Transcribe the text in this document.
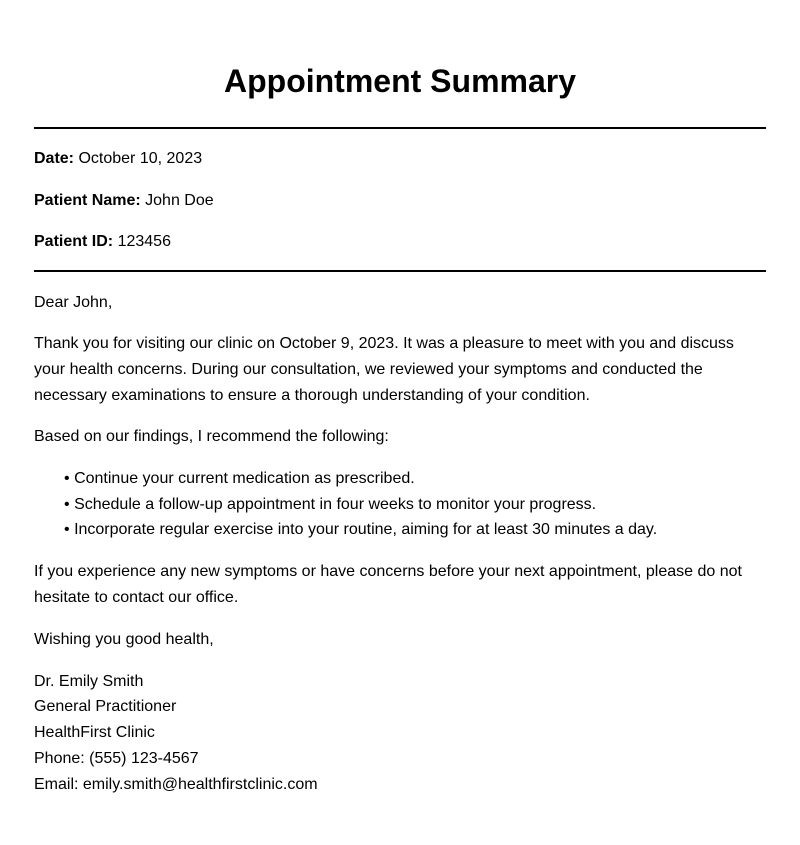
Appointment Summary

Date: October 10, 2023

Patient Name: John Doe

Patient ID: 123456

Dear John,

Thank you for visiting our clinic on October 9, 2023. It was a pleasure to meet with you and discuss your health concerns. During our consultation, we reviewed your symptoms and conducted the necessary examinations to ensure a thorough understanding of your condition.

Based on our findings, I recommend the following:

• Continue your current medication as prescribed.
• Schedule a follow-up appointment in four weeks to monitor your progress.
• Incorporate regular exercise into your routine, aiming for at least 30 minutes a day.

If you experience any new symptoms or have concerns before your next appointment, please do not hesitate to contact our office.

Wishing you good health,

Dr. Emily Smith

General Practitioner

HealthFirst Clinic

Phone: (555) 123-4567

Email: emily.smith@healthfirstclinic.com
